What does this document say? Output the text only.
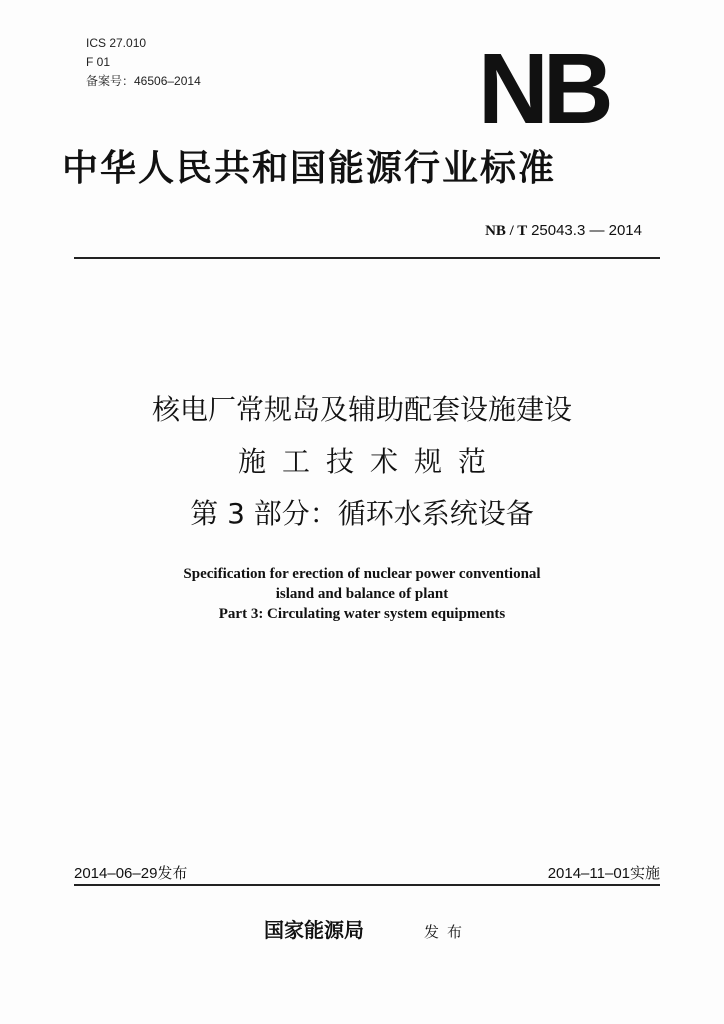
ICS 27.010
F 01
备案号：46506–2014	NB
中华人民共和国能源行业标准
NB / T 25043.3 — 2014
核电厂常规岛及辅助配套设施建设
施工技术规范
第 3 部分：循环水系统设备
Specification for erection of nuclear power conventional
island and balance of plant
Part 3: Circulating water system equipments
2014–06–29发布	2014–11–01实施
国家能源局	发布
